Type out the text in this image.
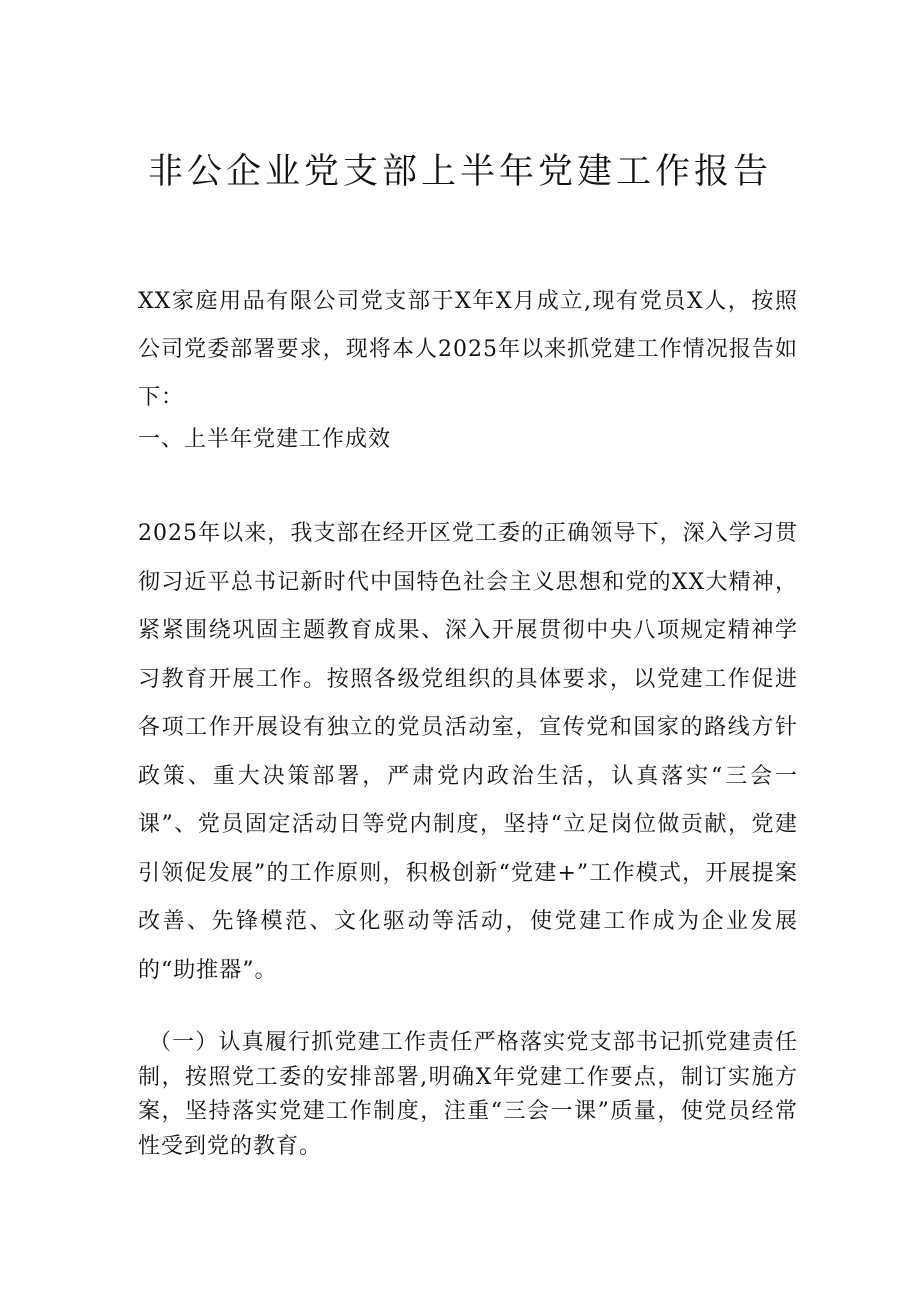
非公企业党支部上半年党建工作报告

XX家庭用品有限公司党支部于X年X月成立,现有党员X人，按照公司党委部署要求，现将本人2025年以来抓党建工作情况报告如下：

一、上半年党建工作成效

2025年以来，我支部在经开区党工委的正确领导下，深入学习贯彻习近平总书记新时代中国特色社会主义思想和党的XX大精神，紧紧围绕巩固主题教育成果、深入开展贯彻中央八项规定精神学习教育开展工作。按照各级党组织的具体要求，以党建工作促进各项工作开展设有独立的党员活动室，宣传党和国家的路线方针政策、重大决策部署，严肃党内政治生活，认真落实“三会一课”、党员固定活动日等党内制度，坚持“立足岗位做贡献，党建引领促发展”的工作原则，积极创新“党建+”工作模式，开展提案改善、先锋模范、文化驱动等活动，使党建工作成为企业发展的“助推器”。

（一）认真履行抓党建工作责任严格落实党支部书记抓党建责任制，按照党工委的安排部署,明确X年党建工作要点，制订实施方案，坚持落实党建工作制度，注重“三会一课”质量，使党员经常性受到党的教育。
